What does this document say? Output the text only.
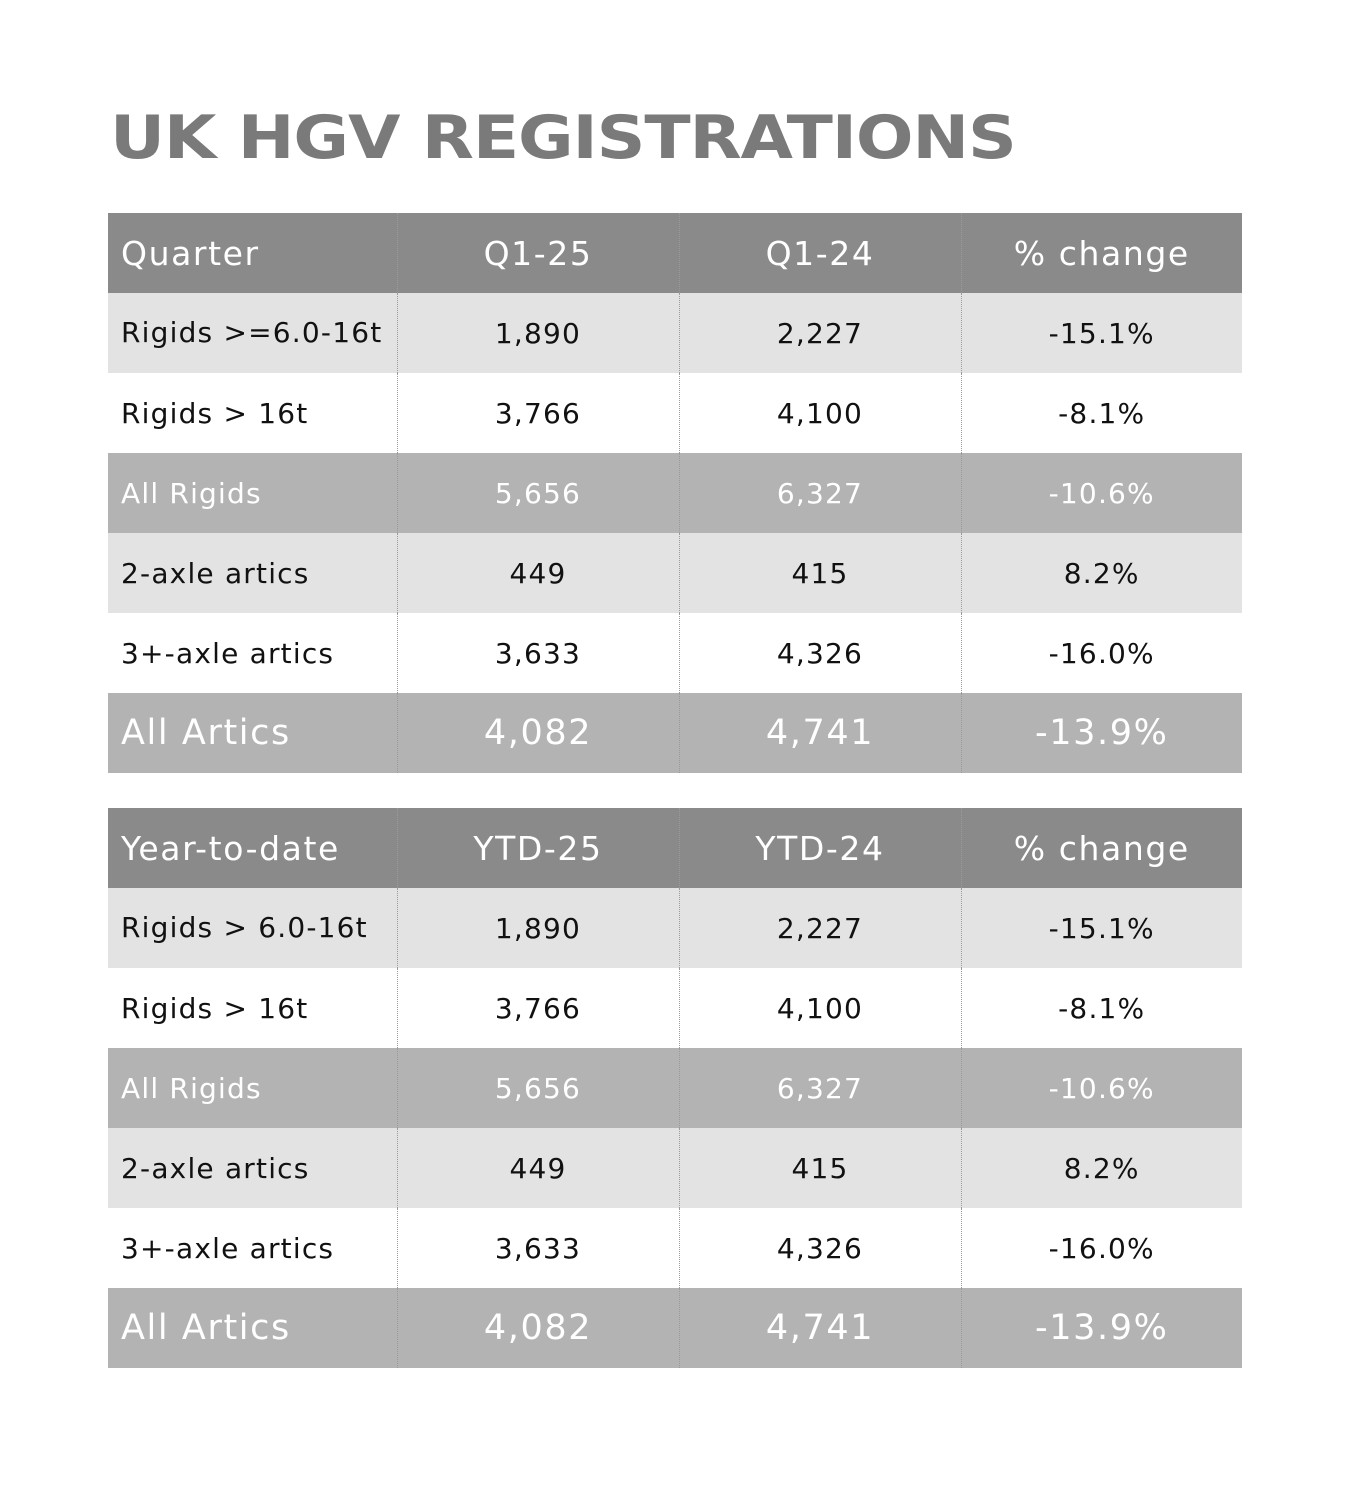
UK HGV REGISTRATIONS
Quarter	Q1-25	Q1-24	% change
Rigids >=6.0-16t	1,890	2,227	-15.1%
Rigids > 16t	3,766	4,100	-8.1%
All Rigids	5,656	6,327	-10.6%
2-axle artics	449	415	8.2%
3+-axle artics	3,633	4,326	-16.0%
All Artics	4,082	4,741	-13.9%
Year-to-date	YTD-25	YTD-24	% change
Rigids > 6.0-16t	1,890	2,227	-15.1%
Rigids > 16t	3,766	4,100	-8.1%
All Rigids	5,656	6,327	-10.6%
2-axle artics	449	415	8.2%
3+-axle artics	3,633	4,326	-16.0%
All Artics	4,082	4,741	-13.9%
